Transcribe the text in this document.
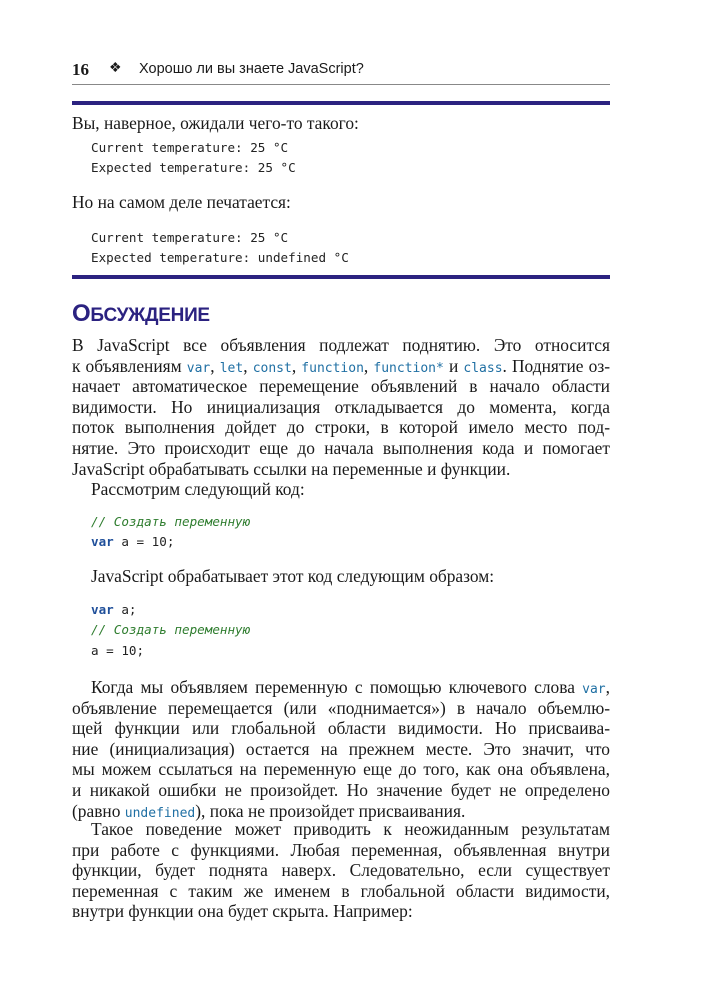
16 ❖ Хорошо ли вы знаете JavaScript?
Вы, наверное, ожидали чего-то такого:
Current temperature: 25 °C
Expected temperature: 25 °C
Но на самом деле печатается:
Current temperature: 25 °C
Expected temperature: undefined °C
ОБСУЖДЕНИЕ
В JavaScript все объявления подлежат поднятию. Это относится
к объявлениям var, let, const, function, function* и class. Поднятие оз-
начает автоматическое перемещение объявлений в начало области
видимости. Но инициализация откладывается до момента, когда
поток выполнения дойдет до строки, в которой имело место под-
нятие. Это происходит еще до начала выполнения кода и помогает
JavaScript обрабатывать ссылки на переменные и функции.
Рассмотрим следующий код:
// Создать переменную
var a = 10;
JavaScript обрабатывает этот код следующим образом:
var a;
// Создать переменную
a = 10;
Когда мы объявляем переменную с помощью ключевого слова var,
объявление перемещается (или «поднимается») в начало объемлю-
щей функции или глобальной области видимости. Но присваива-
ние (инициализация) остается на прежнем месте. Это значит, что
мы можем ссылаться на переменную еще до того, как она объявлена,
и никакой ошибки не произойдет. Но значение будет не определено
(равно undefined), пока не произойдет присваивания.
Такое поведение может приводить к неожиданным результатам
при работе с функциями. Любая переменная, объявленная внутри
функции, будет поднята наверх. Следовательно, если существует
переменная с таким же именем в глобальной области видимости,
внутри функции она будет скрыта. Например:
